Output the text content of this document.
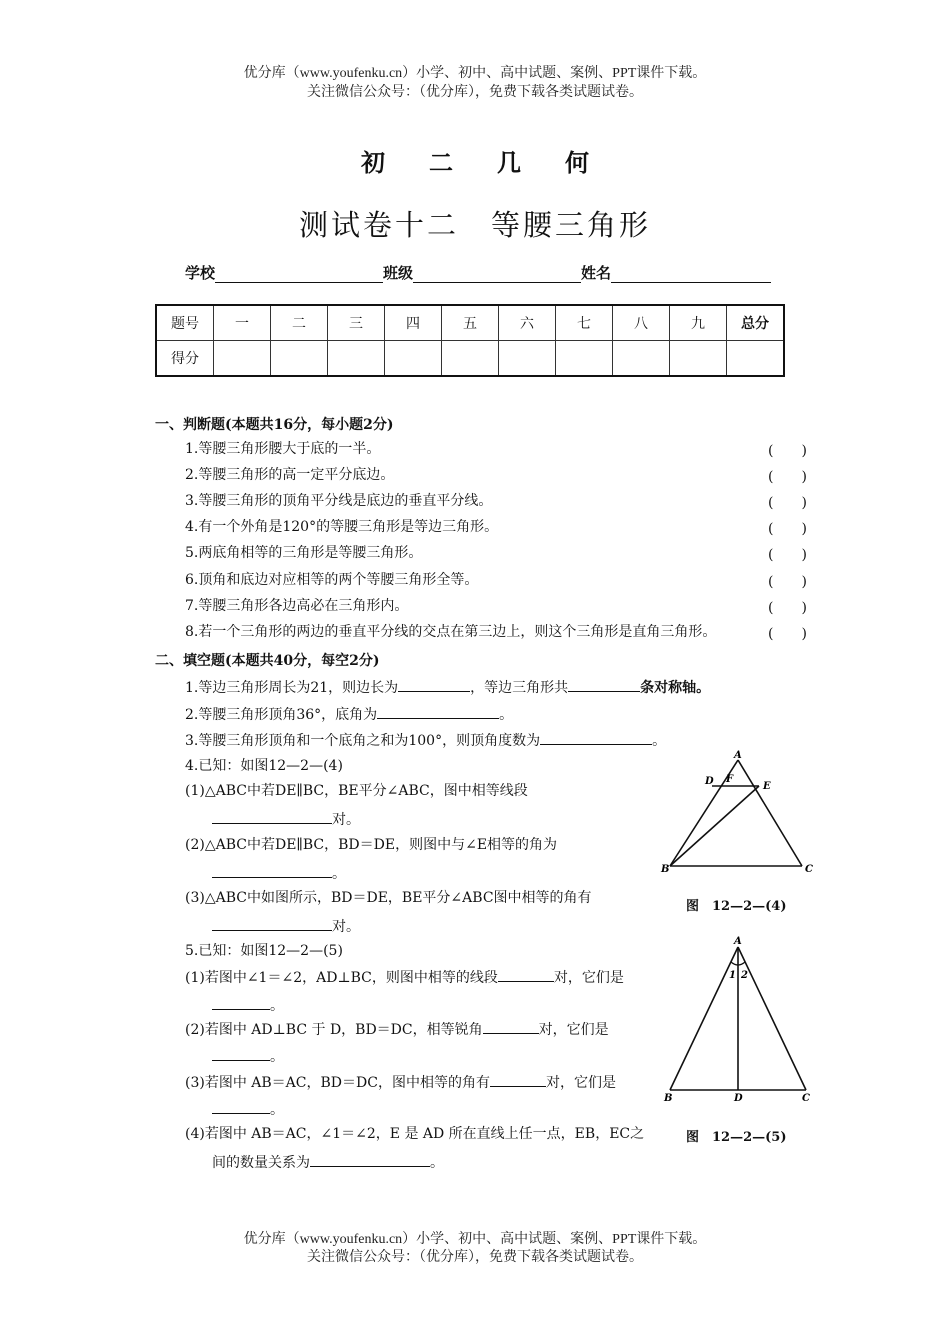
优分库（www.youfenku.cn）小学、初中、高中试题、案例、PPT课件下载。
关注微信公众号：（优分库），免费下载各类试题试卷。
初二几何
测试卷十二　等腰三角形
学校	班级	姓名
题号	一	二	三	四	五	六	七	八	九	总分
得分										
一、判断题(本题共16分，每小题2分)
1.等腰三角形腰大于底的一半。	(　　)
2.等腰三角形的高一定平分底边。	(　　)
3.等腰三角形的顶角平分线是底边的垂直平分线。	(　　)
4.有一个外角是120°的等腰三角形是等边三角形。	(　　)
5.两底角相等的三角形是等腰三角形。	(　　)
6.顶角和底边对应相等的两个等腰三角形全等。	(　　)
7.等腰三角形各边高必在三角形内。	(　　)
8.若一个三角形的两边的垂直平分线的交点在第三边上，则这个三角形是直角三角形。	(　　)
二、填空题(本题共40分，每空2分)
1.等边三角形周长为21，则边长为	，等边三角形共	条对称轴。
2.等腰三角形顶角36°，底角为	。
3.等腰三角形顶角和一个底角之和为100°，则顶角度数为	。
4.已知：如图12—2—(4)
(1)△ABC中若DE∥BC，BE平分∠ABC，图中相等线段
对。
(2)△ABC中若DE∥BC，BD＝DE，则图中与∠E相等的角为
。
(3)△ABC中如图所示，BD＝DE，BE平分∠ABC图中相等的角有
对。
5.已知：如图12—2—(5)
(1)若图中∠1＝∠2，AD⊥BC，则图中相等的线段	对，它们是
。
(2)若图中 AD⊥BC 于 D，BD＝DC，相等锐角	对，它们是
。
(3)若图中 AB＝AC，BD＝DC，图中相等的角有	对，它们是
。
(4)若图中 AB＝AC，∠1＝∠2，E 是 AD 所在直线上任一点，EB，EC之
间的数量关系为	。
A
D F
E
B	C
图　12—2—(4)
A
1 2
B	D	C
图　12—2—(5)
优分库（www.youfenku.cn）小学、初中、高中试题、案例、PPT课件下载。
关注微信公众号：（优分库），免费下载各类试题试卷。
